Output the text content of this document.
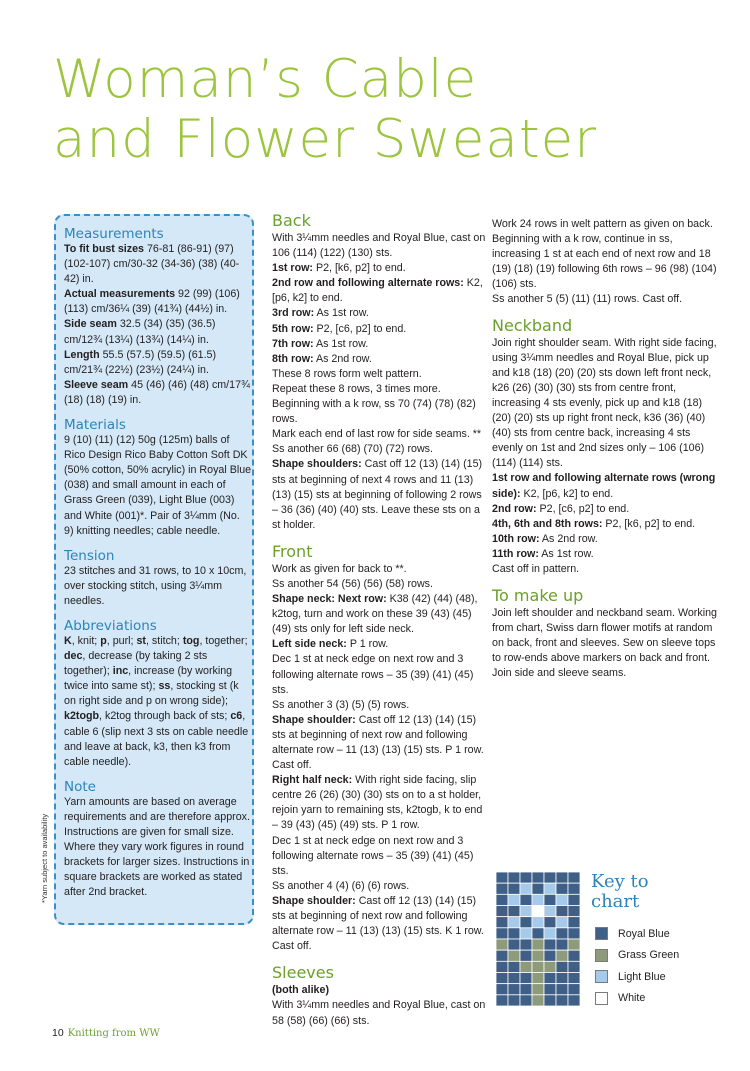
Woman’s Cable
and Flower Sweater

Measurements

To fit bust sizes 76-81 (86-91) (97) (102-107) cm/30-32 (34-36) (38) (40-42) in.
Actual measurements 92 (99) (106) (113) cm/36¼ (39) (41¾) (44½) in.
Side seam 32.5 (34) (35) (36.5) cm/12¾ (13¼) (13¾) (14¼) in.
Length 55.5 (57.5) (59.5) (61.5) cm/21¾ (22½) (23½) (24¼) in.
Sleeve seam 45 (46) (46) (48) cm/17¾ (18) (18) (19) in.

Materials

9 (10) (11) (12) 50g (125m) balls of Rico Design Rico Baby Cotton Soft DK (50% cotton, 50% acrylic) in Royal Blue (038) and small amount in each of Grass Green (039), Light Blue (003) and White (001)*. Pair of 3¼mm (No. 9) knitting needles; cable needle.

Tension

23 stitches and 31 rows, to 10 x 10cm, over stocking stitch, using 3¼mm needles.

Abbreviations

K, knit; p, purl; st, stitch; tog, together; dec, decrease (by taking 2 sts together); inc, increase (by working twice into same st); ss, stocking st (k on right side and p on wrong side); k2togb, k2tog through back of sts; c6, cable 6 (slip next 3 sts on cable needle and leave at back, k3, then k3 from cable needle).

Note

Yarn amounts are based on average requirements and are therefore approx. Instructions are given for small size. Where they vary work figures in round brackets for larger sizes. Instructions in square brackets are worked as stated after 2nd bracket.

*Yarn subject to availability

Back

With 3¼mm needles and Royal Blue, cast on 106 (114) (122) (130) sts.

1st row: P2, [k6, p2] to end.

2nd row and following alternate rows: K2, [p6, k2] to end.

3rd row: As 1st row.

5th row: P2, [c6, p2] to end.

7th row: As 1st row.

8th row: As 2nd row.

These 8 rows form welt pattern.

Repeat these 8 rows, 3 times more.

Beginning with a k row, ss 70 (74) (78) (82) rows.

Mark each end of last row for side seams. **

Ss another 66 (68) (70) (72) rows.

Shape shoulders: Cast off 12 (13) (14) (15) sts at beginning of next 4 rows and 11 (13) (13) (15) sts at beginning of following 2 rows – 36 (36) (40) (40) sts. Leave these sts on a st holder.

Front

Work as given for back to **.

Ss another 54 (56) (56) (58) rows.

Shape neck: Next row: K38 (42) (44) (48), k2tog, turn and work on these 39 (43) (45) (49) sts only for left side neck.

Left side neck: P 1 row.

Dec 1 st at neck edge on next row and 3 following alternate rows – 35 (39) (41) (45) sts.

Ss another 3 (3) (5) (5) rows.

Shape shoulder: Cast off 12 (13) (14) (15) sts at beginning of next row and following alternate row – 11 (13) (13) (15) sts. P 1 row. Cast off.

Right half neck: With right side facing, slip centre 26 (26) (30) (30) sts on to a st holder, rejoin yarn to remaining sts, k2togb, k to end – 39 (43) (45) (49) sts. P 1 row.

Dec 1 st at neck edge on next row and 3 following alternate rows – 35 (39) (41) (45) sts.

Ss another 4 (4) (6) (6) rows.

Shape shoulder: Cast off 12 (13) (14) (15) sts at beginning of next row and following alternate row – 11 (13) (13) (15) sts. K 1 row. Cast off.

Sleeves

(both alike)

With 3¼mm needles and Royal Blue, cast on 58 (58) (66) (66) sts.

Work 24 rows in welt pattern as given on back.

Beginning with a k row, continue in ss, increasing 1 st at each end of next row and 18 (19) (18) (19) following 6th rows – 96 (98) (104) (106) sts.

Ss another 5 (5) (11) (11) rows. Cast off.

Neckband

Join right shoulder seam. With right side facing, using 3¼mm needles and Royal Blue, pick up and k18 (18) (20) (20) sts down left front neck, k26 (26) (30) (30) sts from centre front, increasing 4 sts evenly, pick up and k18 (18) (20) (20) sts up right front neck, k36 (36) (40) (40) sts from centre back, increasing 4 sts evenly on 1st and 2nd sizes only – 106 (106) (114) (114) sts.

1st row and following alternate rows (wrong side): K2, [p6, k2] to end.

2nd row: P2, [c6, p2] to end.

4th, 6th and 8th rows: P2, [k6, p2] to end.

10th row: As 2nd row.

11th row: As 1st row.

Cast off in pattern.

To make up

Join left shoulder and neckband seam. Working from chart, Swiss darn flower motifs at random on back, front and sleeves. Sew on sleeve tops to row-ends above markers on back and front. Join side and sleeve seams.

Key to
chart
Royal Blue
Grass Green
Light Blue
White
10 Knitting from WW
